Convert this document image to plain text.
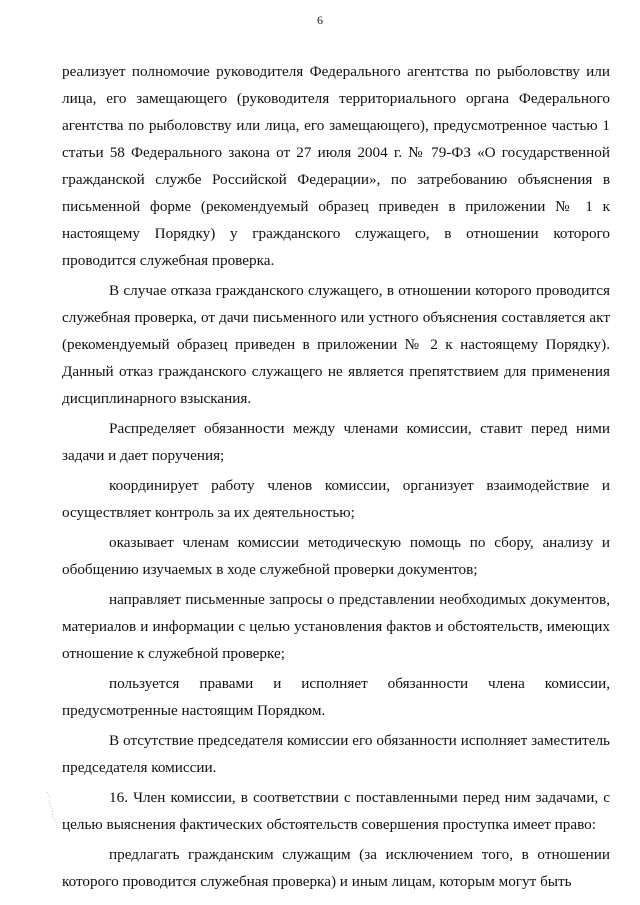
6

реализует полномочие руководителя Федерального агентства по рыболовству или лица, его замещающего (руководителя территориального органа Федерального агентства по рыболовству или лица, его замещающего), предусмотренное частью 1 статьи 58 Федерального закона от 27 июля 2004 г. № 79-ФЗ «О государственной гражданской службе Российской Федерации», по затребованию объяснения в письменной форме (рекомендуемый образец приведен в приложении № 1 к настоящему Порядку) у гражданского служащего, в отношении которого проводится служебная проверка.

В случае отказа гражданского служащего, в отношении которого проводится служебная проверка, от дачи письменного или устного объяснения составляется акт (рекомендуемый образец приведен в приложении № 2 к настоящему Порядку). Данный отказ гражданского служащего не является препятствием для применения дисциплинарного взыскания.

Распределяет обязанности между членами комиссии, ставит перед ними задачи и дает поручения;

координирует работу членов комиссии, организует взаимодействие и осуществляет контроль за их деятельностью;

оказывает членам комиссии методическую помощь по сбору, анализу и обобщению изучаемых в ходе служебной проверки документов;

направляет письменные запросы о представлении необходимых документов, материалов и информации с целью установления фактов и обстоятельств, имеющих отношение к служебной проверке;

пользуется правами и исполняет обязанности члена комиссии, предусмотренные настоящим Порядком.

В отсутствие председателя комиссии его обязанности исполняет заместитель председателя комиссии.

16. Член комиссии, в соответствии с поставленными перед ним задачами, с целью выяснения фактических обстоятельств совершения проступка имеет право:

предлагать гражданским служащим (за исключением того, в отношении которого проводится служебная проверка) и иным лицам, которым могут быть
